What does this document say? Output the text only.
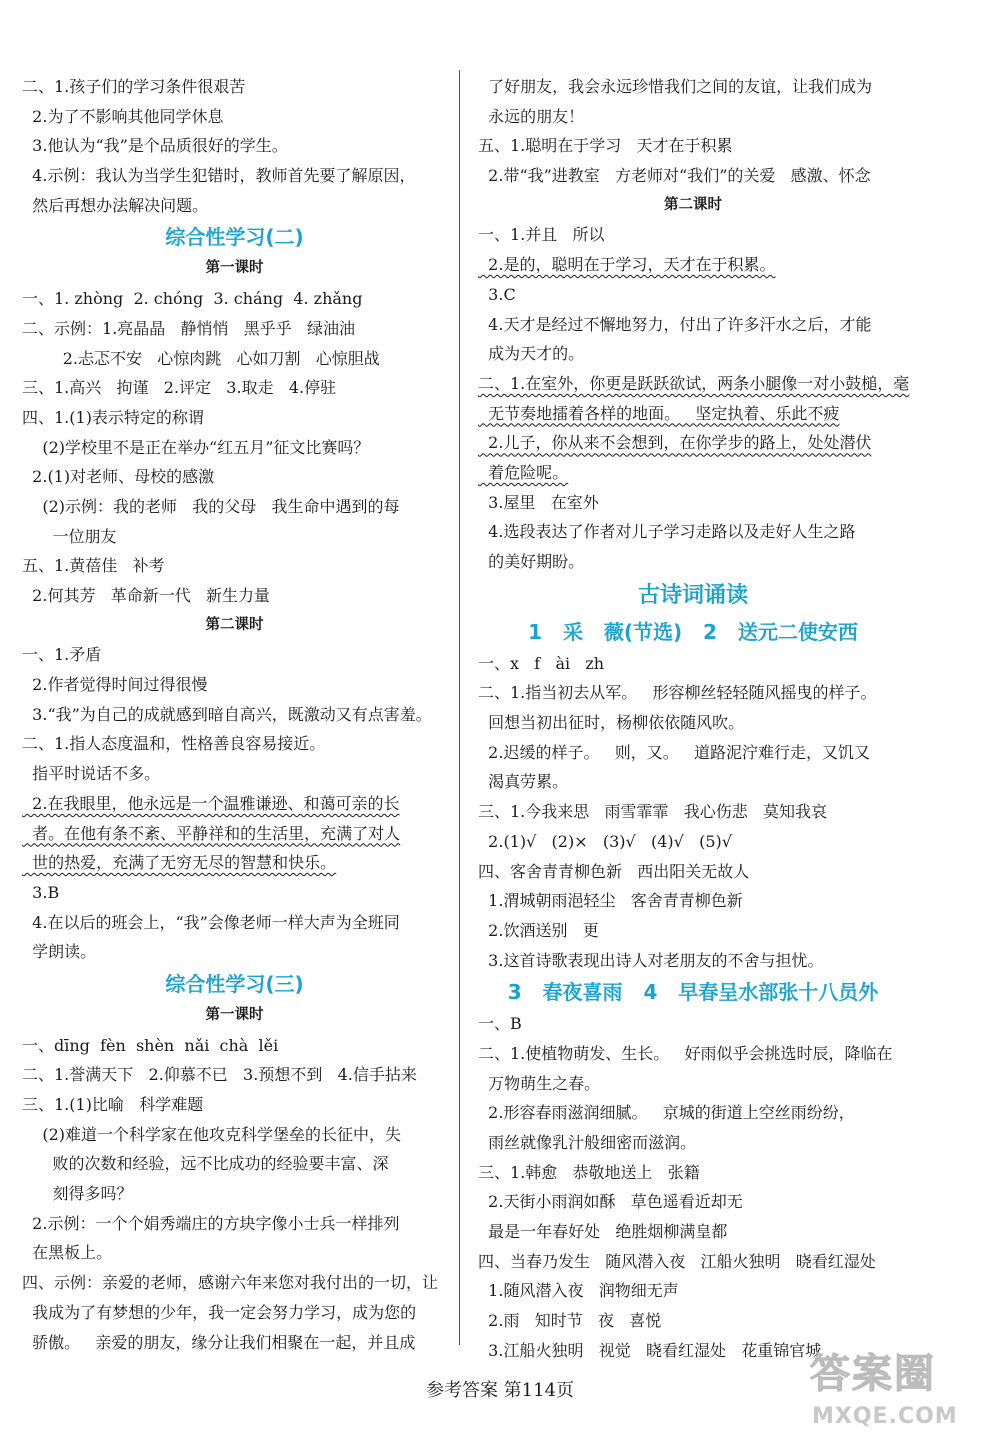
二、1.孩子们的学习条件很艰苦
2.为了不影响其他同学休息
3.他认为“我”是个品质很好的学生。
4.示例：我认为当学生犯错时，教师首先要了解原因，
然后再想办法解决问题。
综合性学习(二)
第一课时
一、1. zhòng  2. chóng  3. cháng  4. zhǎng
二、示例：1.亮晶晶   静悄悄   黑乎乎   绿油油
2.忐忑不安   心惊肉跳   心如刀割   心惊胆战
三、1.高兴   拘谨   2.评定   3.取走   4.停驻
四、1.(1)表示特定的称谓
(2)学校里不是正在举办“红五月”征文比赛吗？
2.(1)对老师、母校的感激
(2)示例：我的老师   我的父母   我生命中遇到的每
一位朋友
五、1.黄蓓佳   补考
2.何其芳   革命新一代   新生力量
第二课时
一、1.矛盾
2.作者觉得时间过得很慢
3.“我”为自己的成就感到暗自高兴，既激动又有点害羞。
二、1.指人态度温和，性格善良容易接近。
指平时说话不多。
2.在我眼里，他永远是一个温雅谦逊、和蔼可亲的长
者。在他有条不紊、平静祥和的生活里，充满了对人
世的热爱，充满了无穷无尽的智慧和快乐。
3.B
4.在以后的班会上，“我”会像老师一样大声为全班同
学朗读。
综合性学习(三)
第一课时
一、dīng  fèn  shèn  nǎi  chà  lěi
二、1.誉满天下   2.仰慕不已   3.预想不到   4.信手拈来
三、1.(1)比喻   科学难题
(2)难道一个科学家在他攻克科学堡垒的长征中，失
败的次数和经验，远不比成功的经验要丰富、深
刻得多吗？
2.示例：一个个娟秀端庄的方块字像小士兵一样排列
在黑板上。
四、示例：亲爱的老师，感谢六年来您对我付出的一切，让
我成为了有梦想的少年，我一定会努力学习，成为您的
骄傲。   亲爱的朋友，缘分让我们相聚在一起，并且成
了好朋友，我会永远珍惜我们之间的友谊，让我们成为
永远的朋友！
五、1.聪明在于学习   天才在于积累
2.带“我”进教室   方老师对“我们”的关爱   感激、怀念
第二课时
一、1.并且   所以
2.是的，聪明在于学习，天才在于积累。
3.C
4.天才是经过不懈地努力，付出了许多汗水之后，才能
成为天才的。
二、1.在室外，你更是跃跃欲试，两条小腿像一对小鼓槌，毫
无节奏地擂着各样的地面。   坚定执着、乐此不疲
2.儿子，你从来不会想到，在你学步的路上，处处潜伏
着危险呢。
3.屋里   在室外
4.选段表达了作者对儿子学习走路以及走好人生之路
的美好期盼。
古诗词诵读
1   采   薇(节选)   2   送元二使安西
一、x   f   ài   zh
二、1.指当初去从军。   形容柳丝轻轻随风摇曳的样子。
回想当初出征时，杨柳依依随风吹。
2.迟缓的样子。   则，又。   道路泥泞难行走，又饥又
渴真劳累。
三、1.今我来思   雨雪霏霏   我心伤悲   莫知我哀
2.(1)√   (2)×   (3)√   (4)√   (5)√
四、客舍青青柳色新   西出阳关无故人
1.渭城朝雨浥轻尘   客舍青青柳色新
2.饮酒送别   更
3.这首诗歌表现出诗人对老朋友的不舍与担忧。
3   春夜喜雨   4   早春呈水部张十八员外
一、B
二、1.使植物萌发、生长。   好雨似乎会挑选时辰，降临在
万物萌生之春。
2.形容春雨滋润细腻。   京城的街道上空丝雨纷纷，
雨丝就像乳汁般细密而滋润。
三、1.韩愈   恭敬地送上   张籍
2.天街小雨润如酥   草色遥看近却无
最是一年春好处   绝胜烟柳满皇都
四、当春乃发生   随风潜入夜   江船火独明   晓看红湿处
1.随风潜入夜   润物细无声
2.雨   知时节   夜   喜悦
3.江船火独明   视觉   晓看红湿处   花重锦官城
参考答案 第114页	答案圈
MXQE.COM
